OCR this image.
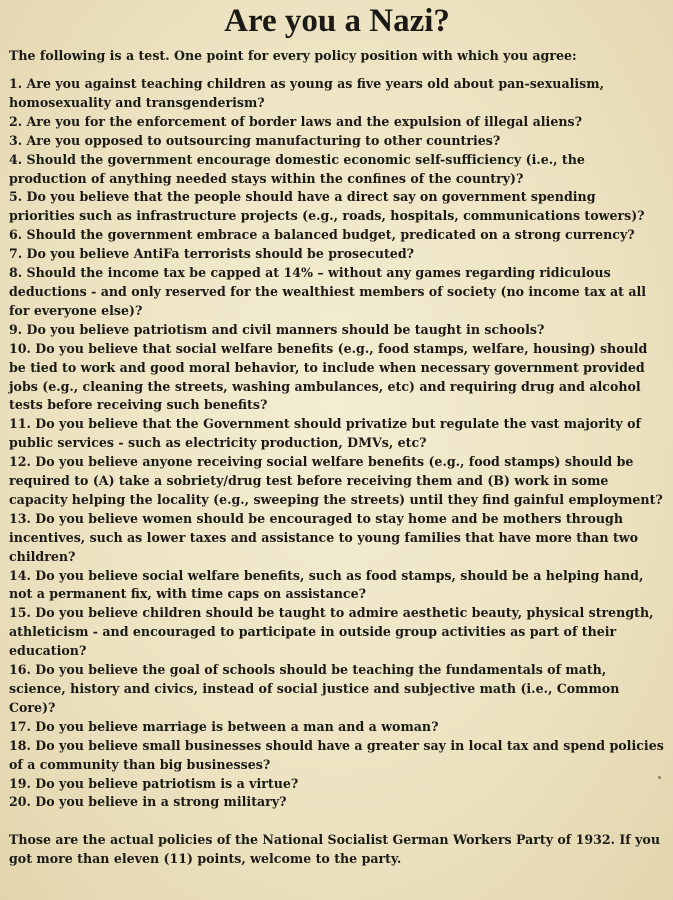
Are you a Nazi?
The following is a test. One point for every policy position with which you agree:
1. Are you against teaching children as young as five years old about pan-sexualism, homosexuality and transgenderism?
2. Are you for the enforcement of border laws and the expulsion of illegal aliens?
3. Are you opposed to outsourcing manufacturing to other countries?
4. Should the government encourage domestic economic self-sufficiency (i.e., the production of anything needed stays within the confines of the country)?
5. Do you believe that the people should have a direct say on government spending priorities such as infrastructure projects (e.g., roads, hospitals, communications towers)?
6. Should the government embrace a balanced budget, predicated on a strong currency?
7. Do you believe AntiFa terrorists should be prosecuted?
8. Should the income tax be capped at 14% – without any games regarding ridiculous deductions - and only reserved for the wealthiest members of society (no income tax at all for everyone else)?
9. Do you believe patriotism and civil manners should be taught in schools?
10. Do you believe that social welfare benefits (e.g., food stamps, welfare, housing) should be tied to work and good moral behavior, to include when necessary government provided jobs (e.g., cleaning the streets, washing ambulances, etc) and requiring drug and alcohol tests before receiving such benefits?
11. Do you believe that the Government should privatize but regulate the vast majority of public services - such as electricity production, DMVs, etc?
12. Do you believe anyone receiving social welfare benefits (e.g., food stamps) should be required to (A) take a sobriety/drug test before receiving them and (B) work in some capacity helping the locality (e.g., sweeping the streets) until they find gainful employment?
13. Do you believe women should be encouraged to stay home and be mothers through incentives, such as lower taxes and assistance to young families that have more than two children?
14. Do you believe social welfare benefits, such as food stamps, should be a helping hand, not a permanent fix, with time caps on assistance?
15. Do you believe children should be taught to admire aesthetic beauty, physical strength, athleticism - and encouraged to participate in outside group activities as part of their education?
16. Do you believe the goal of schools should be teaching the fundamentals of math, science, history and civics, instead of social justice and subjective math (i.e., Common Core)?
17. Do you believe marriage is between a man and a woman?
18. Do you believe small businesses should have a greater say in local tax and spend policies of a community than big businesses?
19. Do you believe patriotism is a virtue?
20. Do you believe in a strong military?
Those are the actual policies of the National Socialist German Workers Party of 1932. If you got more than eleven (11) points, welcome to the party.
